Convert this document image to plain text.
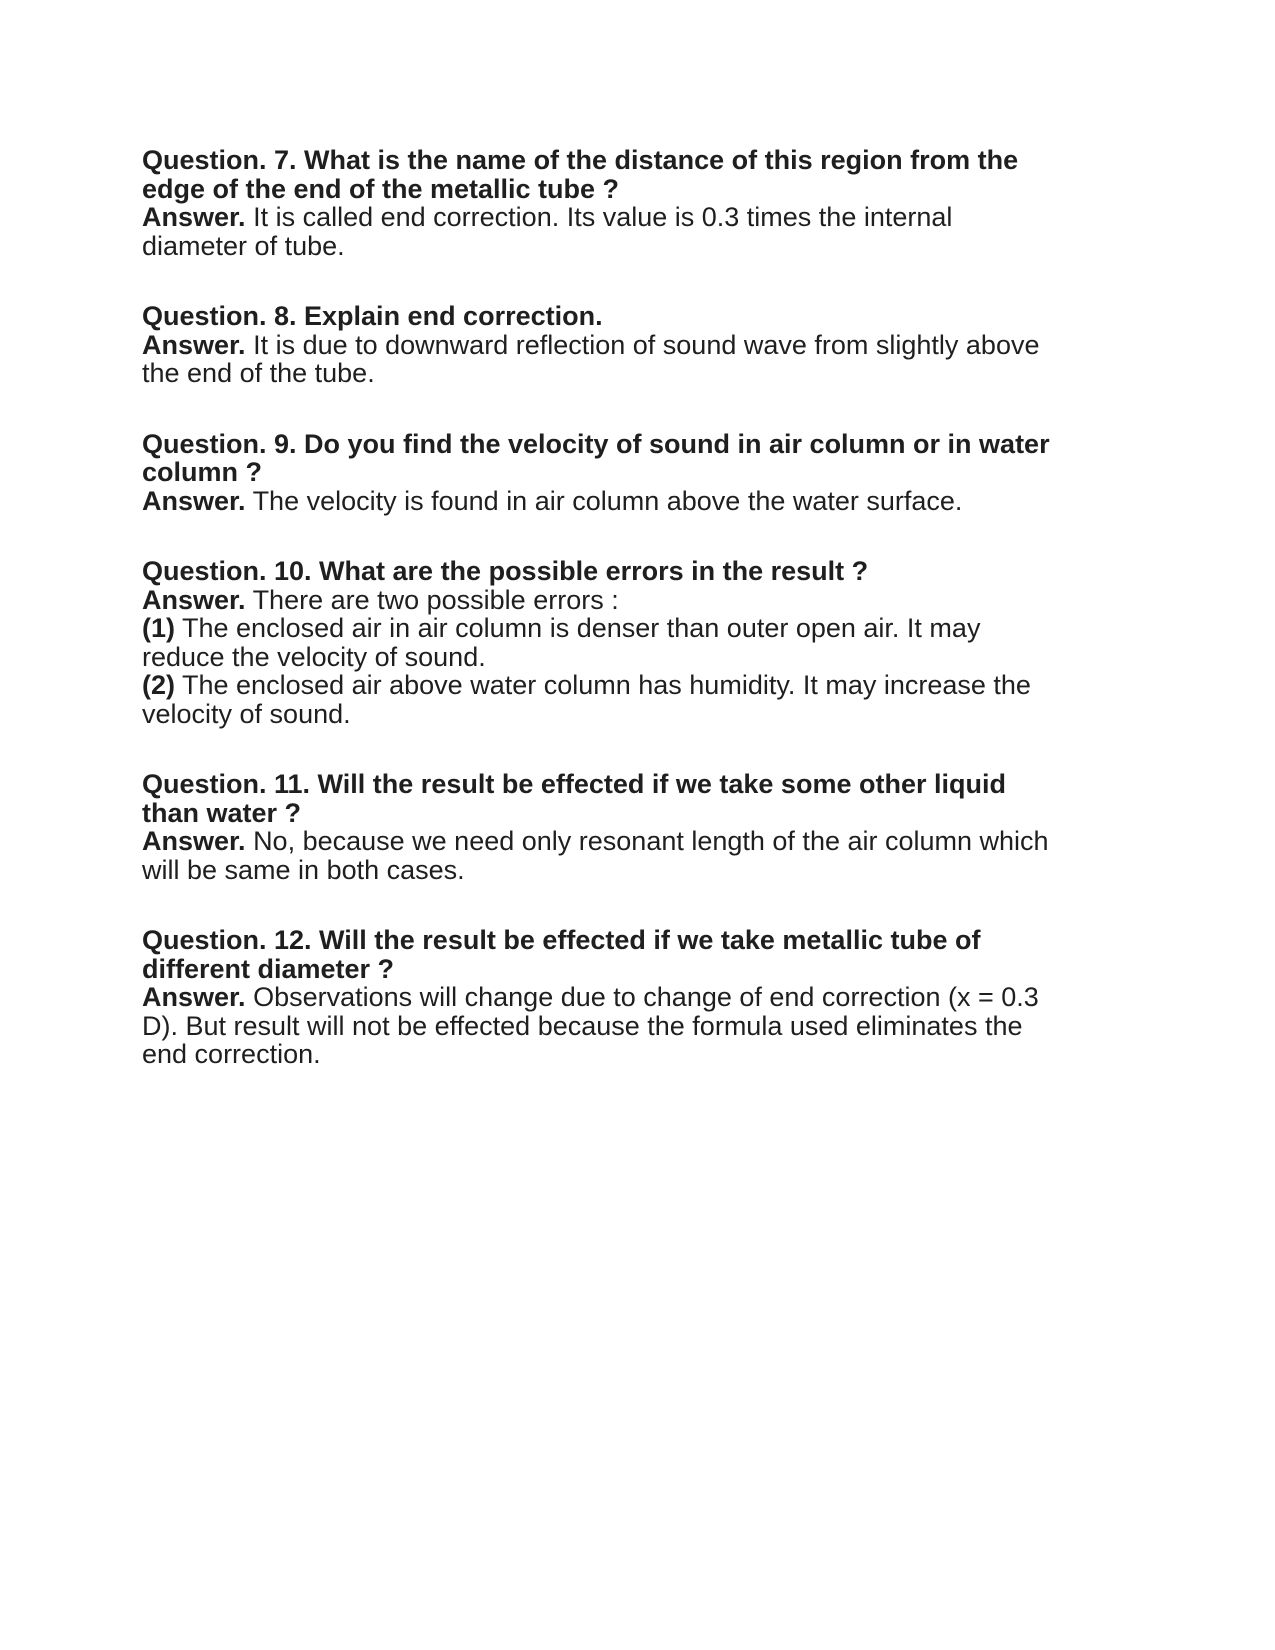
Question. 7. What is the name of the distance of this region from the edge of the end of the metallic tube ?

Answer. It is called end correction. Its value is 0.3 times the internal diameter of tube.

Question. 8. Explain end correction.

Answer. It is due to downward reflection of sound wave from slightly above the end of the tube.

Question. 9. Do you find the velocity of sound in air column or in water column ?

Answer. The velocity is found in air column above the water surface.

Question. 10. What are the possible errors in the result ?

Answer. There are two possible errors :

(1) The enclosed air in air column is denser than outer open air. It may reduce the velocity of sound.

(2) The enclosed air above water column has humidity. It may increase the velocity of sound.

Question. 11. Will the result be effected if we take some other liquid than water ?

Answer. No, because we need only resonant length of the air column which will be same in both cases.

Question. 12. Will the result be effected if we take metallic tube of different diameter ?

Answer. Observations will change due to change of end correction (x = 0.3 D). But result will not be effected because the formula used eliminates the end correction.
